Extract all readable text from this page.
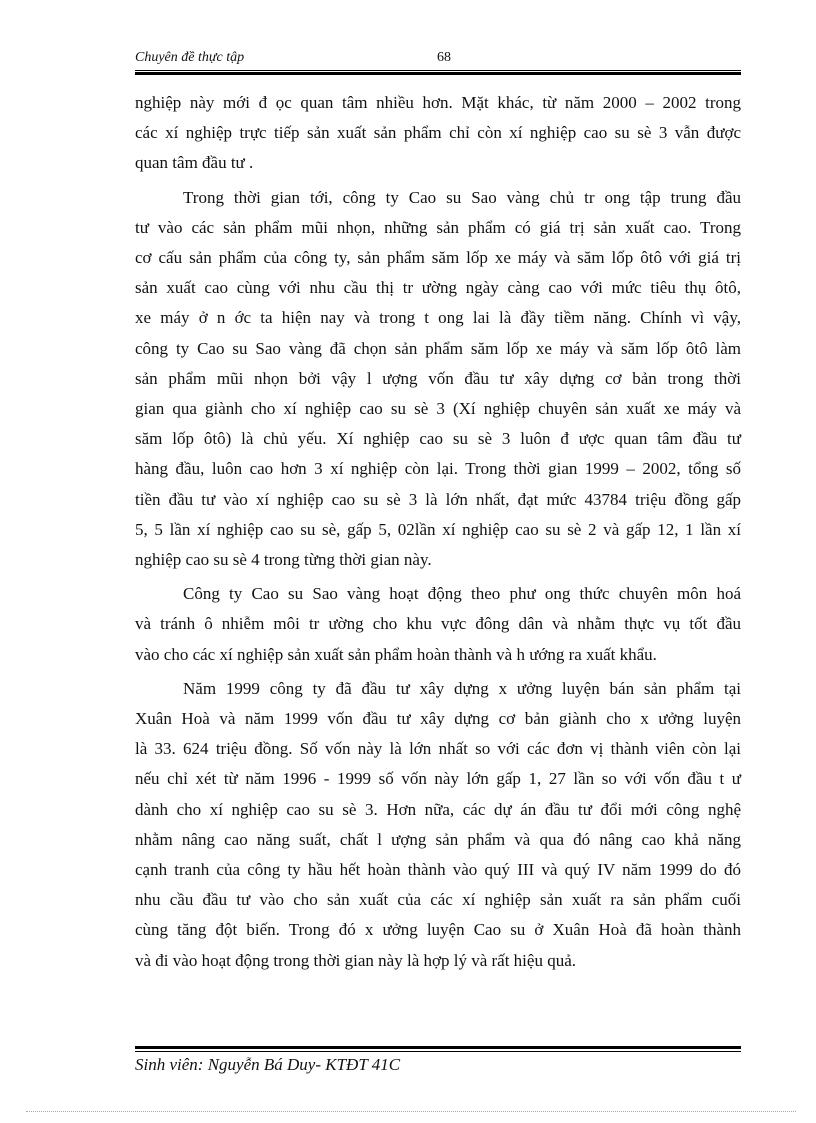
Chuyên đề thực tập	68
nghiệp này mới đ ọc quan tâm nhiều hơn. Mặt khác, từ năm 2000 – 2002 trong
các xí nghiệp trực tiếp sản xuất sản phẩm chỉ còn xí nghiệp cao su sè 3 vẫn được
quan tâm đầu tư .
Trong thời gian tới, công ty Cao su Sao vàng chủ tr ong tập trung đầu
tư vào các sản phẩm mũi nhọn, những sản phẩm có giá trị sản xuất cao. Trong
cơ cấu sản phẩm của công ty, sản phẩm săm lốp xe máy và săm lốp ôtô với giá trị
sản xuất cao cùng với nhu cầu thị tr ường ngày càng cao với mức tiêu thụ ôtô,
xe máy ở n ớc ta hiện nay và trong t ong lai là đầy tiềm năng. Chính vì vậy,
công ty Cao su Sao vàng đã chọn sản phẩm săm lốp xe máy và săm lốp ôtô làm
sản phẩm mũi nhọn bởi vậy l ượng vốn đầu tư xây dựng cơ bản trong thời
gian qua giành cho xí nghiệp cao su sè 3 (Xí nghiệp chuyên sản xuất xe máy và
săm lốp ôtô) là chủ yếu. Xí nghiệp cao su sè 3 luôn đ ược quan tâm đầu tư
hàng đầu, luôn cao hơn 3 xí nghiệp còn lại. Trong thời gian 1999 – 2002, tổng số
tiền đầu tư vào xí nghiệp cao su sè 3 là lớn nhất, đạt mức 43784 triệu đồng gấp
5, 5 lần xí nghiệp cao su sè, gấp 5, 02lần xí nghiệp cao su sè 2 và gấp 12, 1 lần xí
nghiệp cao su sè 4 trong từng thời gian này.
Công ty Cao su Sao vàng hoạt động theo phư ong thức chuyên môn hoá
và tránh ô nhiễm môi tr ường cho khu vực đông dân và nhằm thực vụ tốt đầu
vào cho các xí nghiệp sản xuất sản phẩm hoàn thành và h ướng ra xuất khẩu.
Năm 1999 công ty đã đầu tư xây dựng x ưởng luyện bán sản phẩm tại
Xuân Hoà và năm 1999 vốn đầu tư xây dựng cơ bản giành cho x ưởng luyện
là 33. 624 triệu đồng. Số vốn này là lớn nhất so với các đơn vị thành viên còn lại
nếu chỉ xét từ năm 1996 - 1999 số vốn này lớn gấp 1, 27 lần so với vốn đầu t ư
dành cho xí nghiệp cao su sè 3. Hơn nữa, các dự án đầu tư đổi mới công nghệ
nhằm nâng cao năng suất, chất l ượng sản phẩm và qua đó nâng cao khả năng
cạnh tranh của công ty hầu hết hoàn thành vào quý III và quý IV năm 1999 do đó
nhu cầu đầu tư vào cho sản xuất của các xí nghiệp sản xuất ra sản phẩm cuối
cùng tăng đột biến. Trong đó x ưởng luyện Cao su ở Xuân Hoà đã hoàn thành
và đi vào hoạt động trong thời gian này là hợp lý và rất hiệu quả.
Sinh viên: Nguyễn Bá Duy- KTĐT 41C
